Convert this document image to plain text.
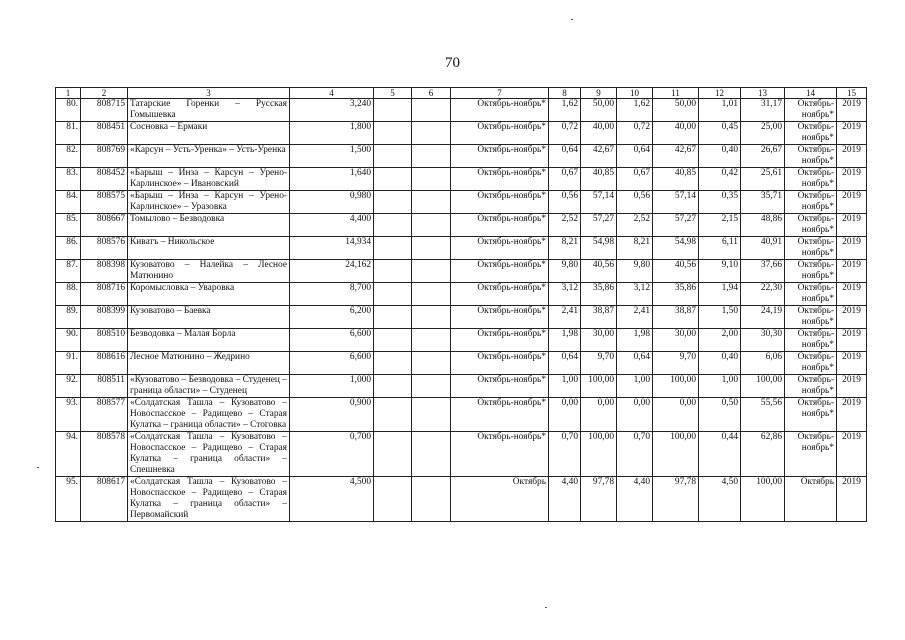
70
1	2	3	4	5	6	7	8	9	10	11	12	13	14	15
80.	808715	Татарские Горенки – Русская Гомышевка	3,240			Октябрь-ноябрь*	1,62	50,00	1,62	50,00	1,01	31,17	Октябрь-ноябрь*	2019
81.	808451	Сосновка – Ермаки	1,800			Октябрь-ноябрь*	0,72	40,00	0,72	40,00	0,45	25,00	Октябрь-ноябрь*	2019
82.	808769	«Карсун – Усть-Уренка» – Усть-Уренка	1,500			Октябрь-ноябрь*	0,64	42,67	0,64	42,67	0,40	26,67	Октябрь-ноябрь*	2019
83.	808452	«Барыш – Инза – Карсун – Урено-Карлинское» – Ивановский	1,640			Октябрь-ноябрь*	0,67	40,85	0,67	40,85	0,42	25,61	Октябрь-ноябрь*	2019
84.	808575	«Барыш – Инза – Карсун – Урено-Карлинское» – Уразовка	0,980			Октябрь-ноябрь*	0,56	57,14	0,56	57,14	0,35	35,71	Октябрь-ноябрь*	2019
85.	808667	Томылово – Безводовка	4,400			Октябрь-ноябрь*	2,52	57,27	2,52	57,27	2,15	48,86	Октябрь-ноябрь*	2019
86.	808576	Киватъ – Никольское	14,934			Октябрь-ноябрь*	8,21	54,98	8,21	54,98	6,11	40,91	Октябрь-ноябрь*	2019
87.	808398	Кузоватово – Налейка – Лесное Матюнино	24,162			Октябрь-ноябрь*	9,80	40,56	9,80	40,56	9,10	37,66	Октябрь-ноябрь*	2019
88.	808716	Коромысловка – Уваровка	8,700			Октябрь-ноябрь*	3,12	35,86	3,12	35,86	1,94	22,30	Октябрь-ноябрь*	2019
89.	808399	Кузоватово – Баевка	6,200			Октябрь-ноябрь*	2,41	38,87	2,41	38,87	1,50	24,19	Октябрь-ноябрь*	2019
90.	808510	Безводовка – Малая Борла	6,600			Октябрь-ноябрь*	1,98	30,00	1,98	30,00	2,00	30,30	Октябрь-ноябрь*	2019
91.	808616	Лесное Матюнино – Жедрино	6,600			Октябрь-ноябрь*	0,64	9,70	0,64	9,70	0,40	6,06	Октябрь-ноябрь*	2019
92.	808511	«Кузоватово – Безводовка – Студенец – граница области» – Студенец	1,000			Октябрь-ноябрь*	1,00	100,00	1,00	100,00	1,00	100,00	Октябрь-ноябрь*	2019
93.	808577	«Солдатская Ташла – Кузоватово – Новоспасское – Радищево – Старая Кулатка – граница области» – Стоговка	0,900			Октябрь-ноябрь*	0,00	0,00	0,00	0,00	0,50	55,56	Октябрь-ноябрь*	2019
94.	808578	«Солдатская Ташла – Кузоватово – Новоспасское – Радищево – Старая Кулатка – граница области» – Спешневка	0,700			Октябрь-ноябрь*	0,70	100,00	0,70	100,00	0,44	62,86	Октябрь-ноябрь*	2019
95.	808617	«Солдатская Ташла – Кузоватово – Новоспасское – Радищево – Старая Кулатка – граница области» – Первомайский	4,500			Октябрь	4,40	97,78	4,40	97,78	4,50	100,00	Октябрь	2019
